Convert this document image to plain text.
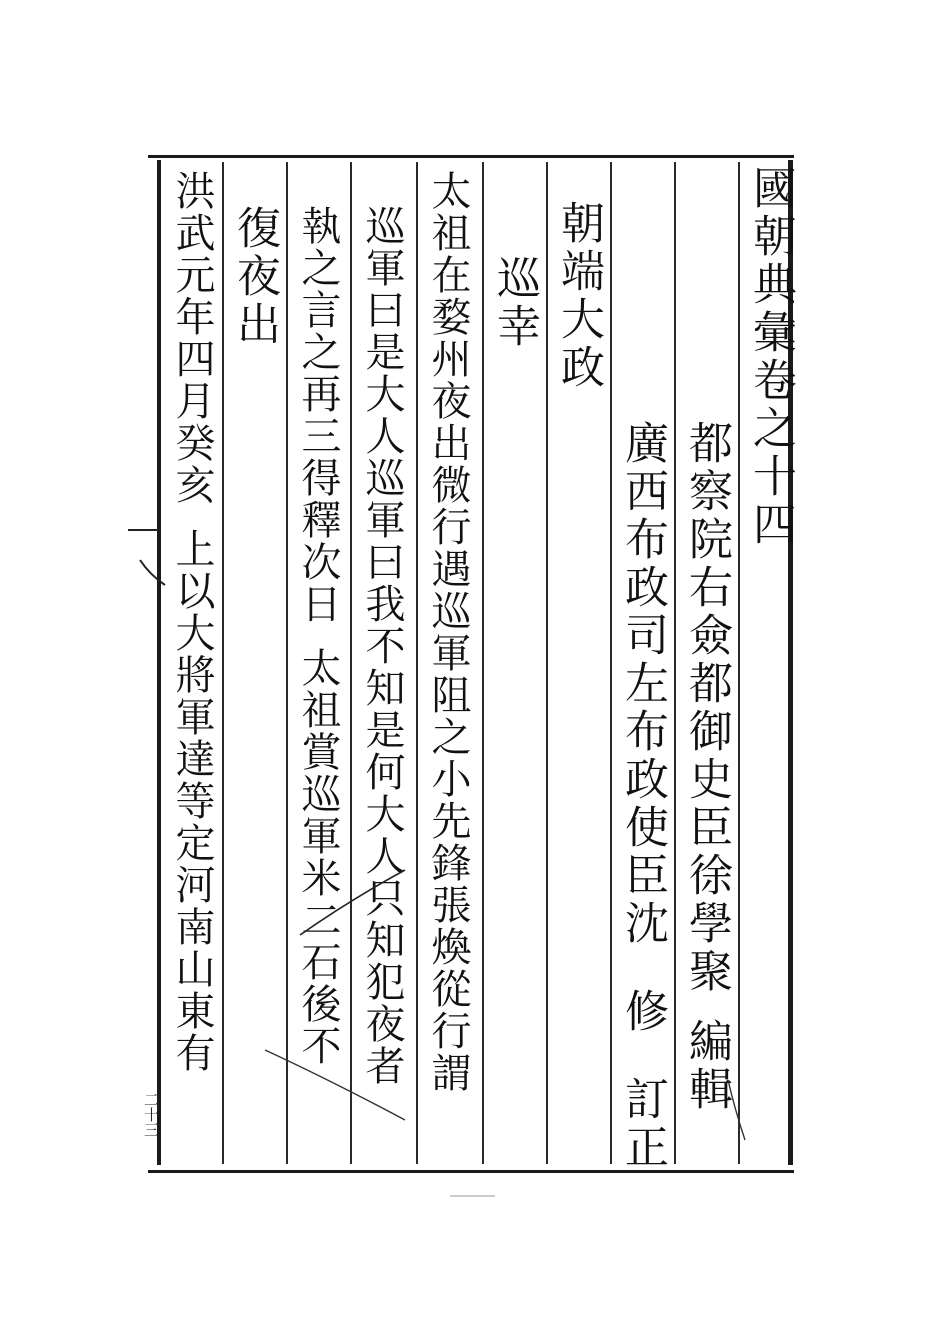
國朝典彙卷之十四
都察院右僉都御史臣徐學聚編輯
廣西布政司左布政使臣沈修訂正
朝端大政
巡幸
太祖在婺州夜出微行遇巡軍阻之小先鋒張煥從行謂
巡軍曰是大人巡軍曰我不知是何大人只知犯夜者
執之言之再三得釋次日太祖賞巡軍米二石後不
復夜出
洪武元年四月癸亥上以大將軍達等定河南山東有
二十三
